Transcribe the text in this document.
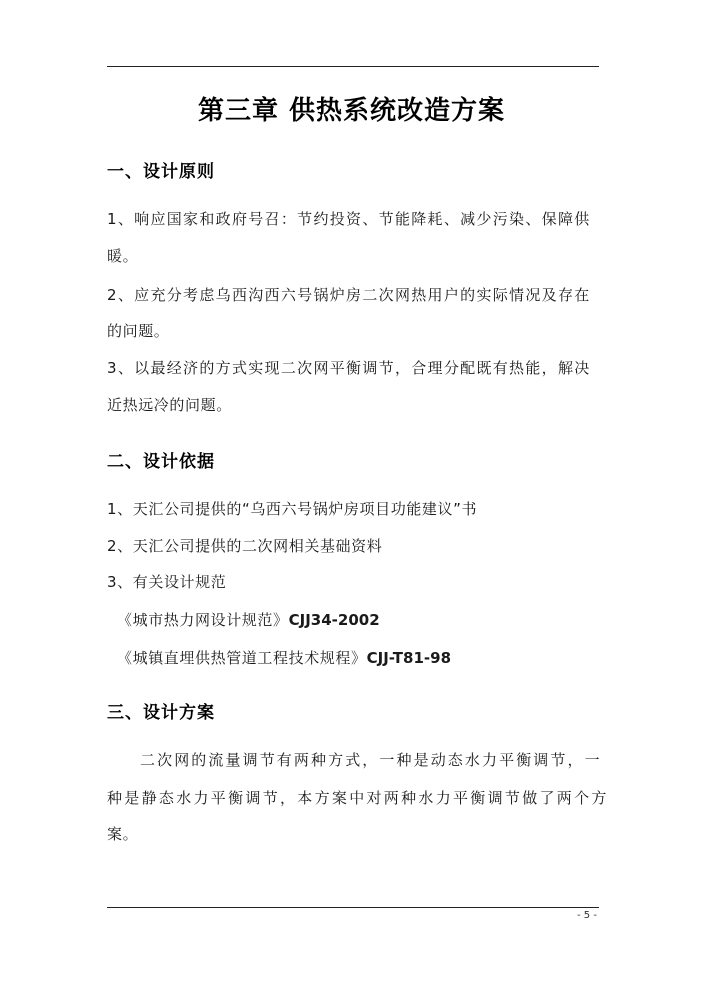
第三章 供热系统改造方案
一、设计原则
1、响应国家和政府号召：节约投资、节能降耗、减少污染、保障供
暖。
2、应充分考虑乌西沟西六号锅炉房二次网热用户的实际情况及存在
的问题。
3、以最经济的方式实现二次网平衡调节，合理分配既有热能，解决
近热远冷的问题。
二、设计依据
1、天汇公司提供的“乌西六号锅炉房项目功能建议”书
2、天汇公司提供的二次网相关基础资料
3、有关设计规范
《城市热力网设计规范》CJJ34-2002
《城镇直埋供热管道工程技术规程》CJJ-T81-98
三、设计方案
二次网的流量调节有两种方式，一种是动态水力平衡调节，一
种是静态水力平衡调节，本方案中对两种水力平衡调节做了两个方
案。
- 5 -
